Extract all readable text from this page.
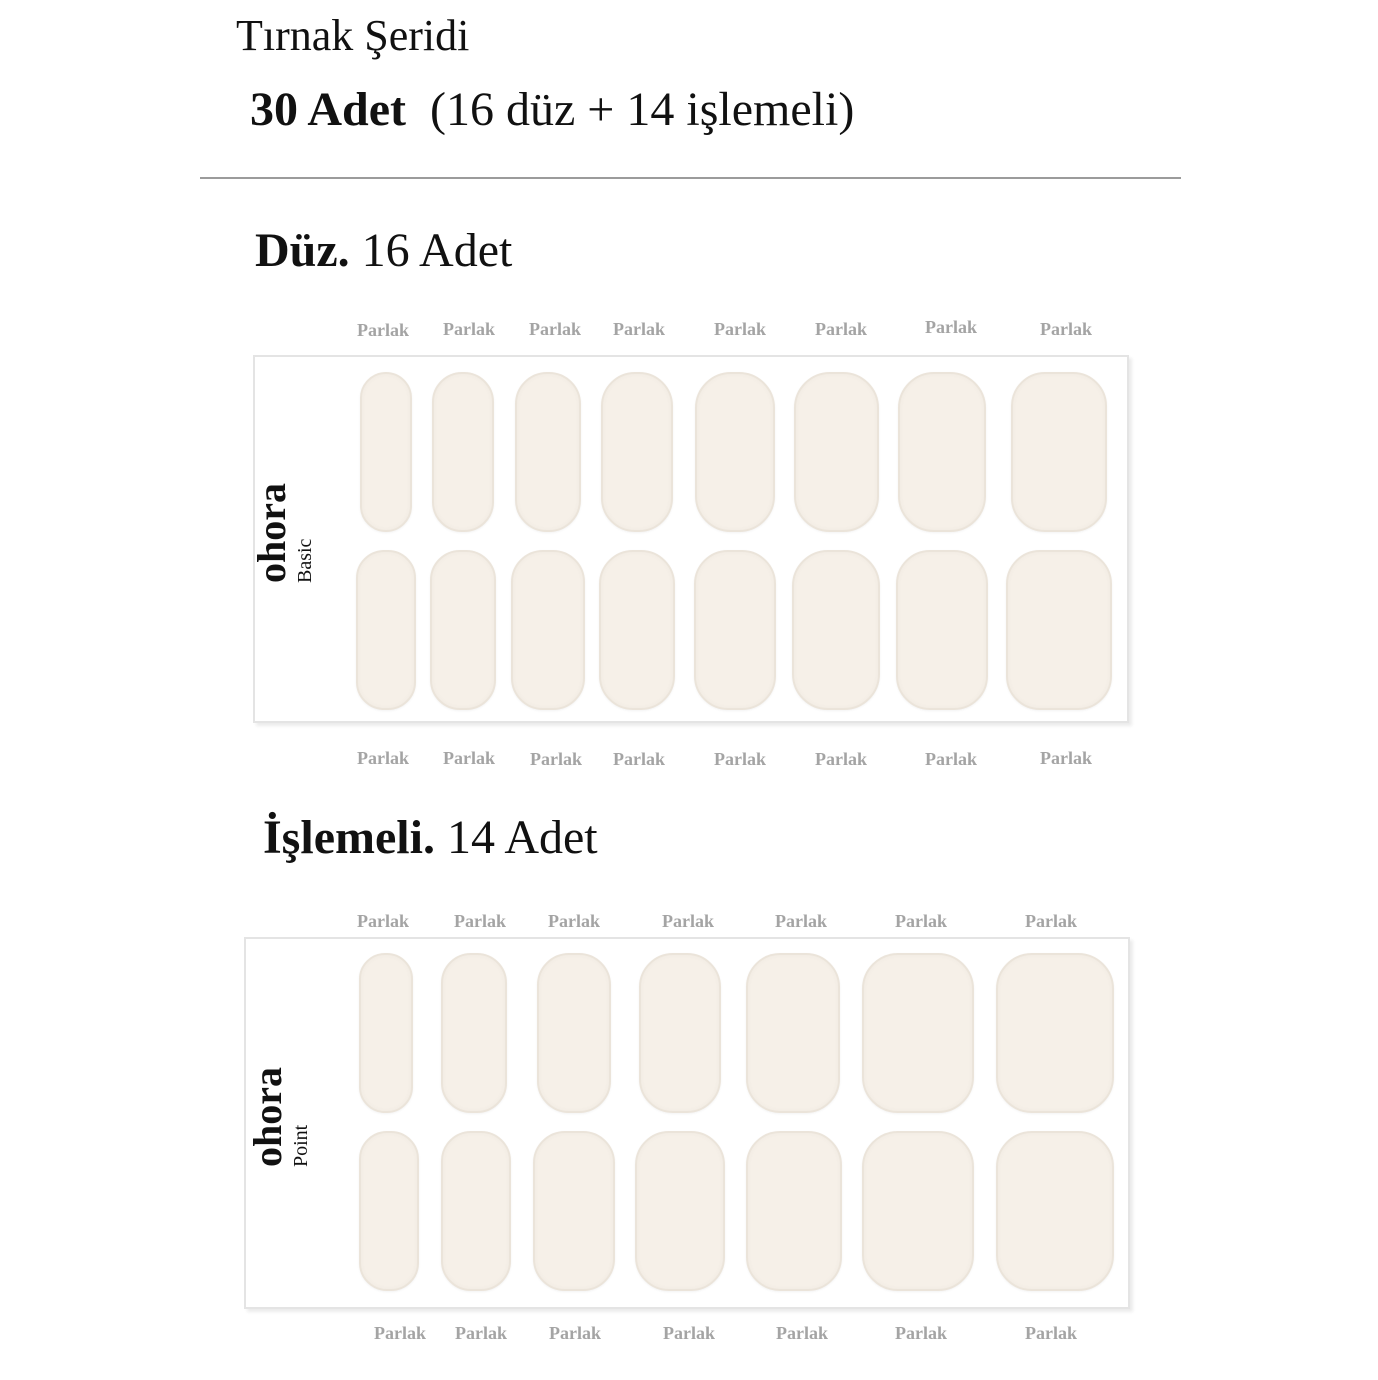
Tırnak Şeridi
30 Adet (16 düz + 14 işlemeli)
Düz. 16 Adet
Parlak Parlak Parlak Parlak	Parlak	Parlak	Parlak	Parlak
ohora Basic
Parlak Parlak Parlak Parlak	Parlak	Parlak	Parlak	Parlak
İşlemeli. 14 Adet
Parlak	Parlak Parlak	Parlak	Parlak	Parlak	Parlak
ohora Point
Parlak Parlak Parlak	Parlak	Parlak	Parlak	Parlak
